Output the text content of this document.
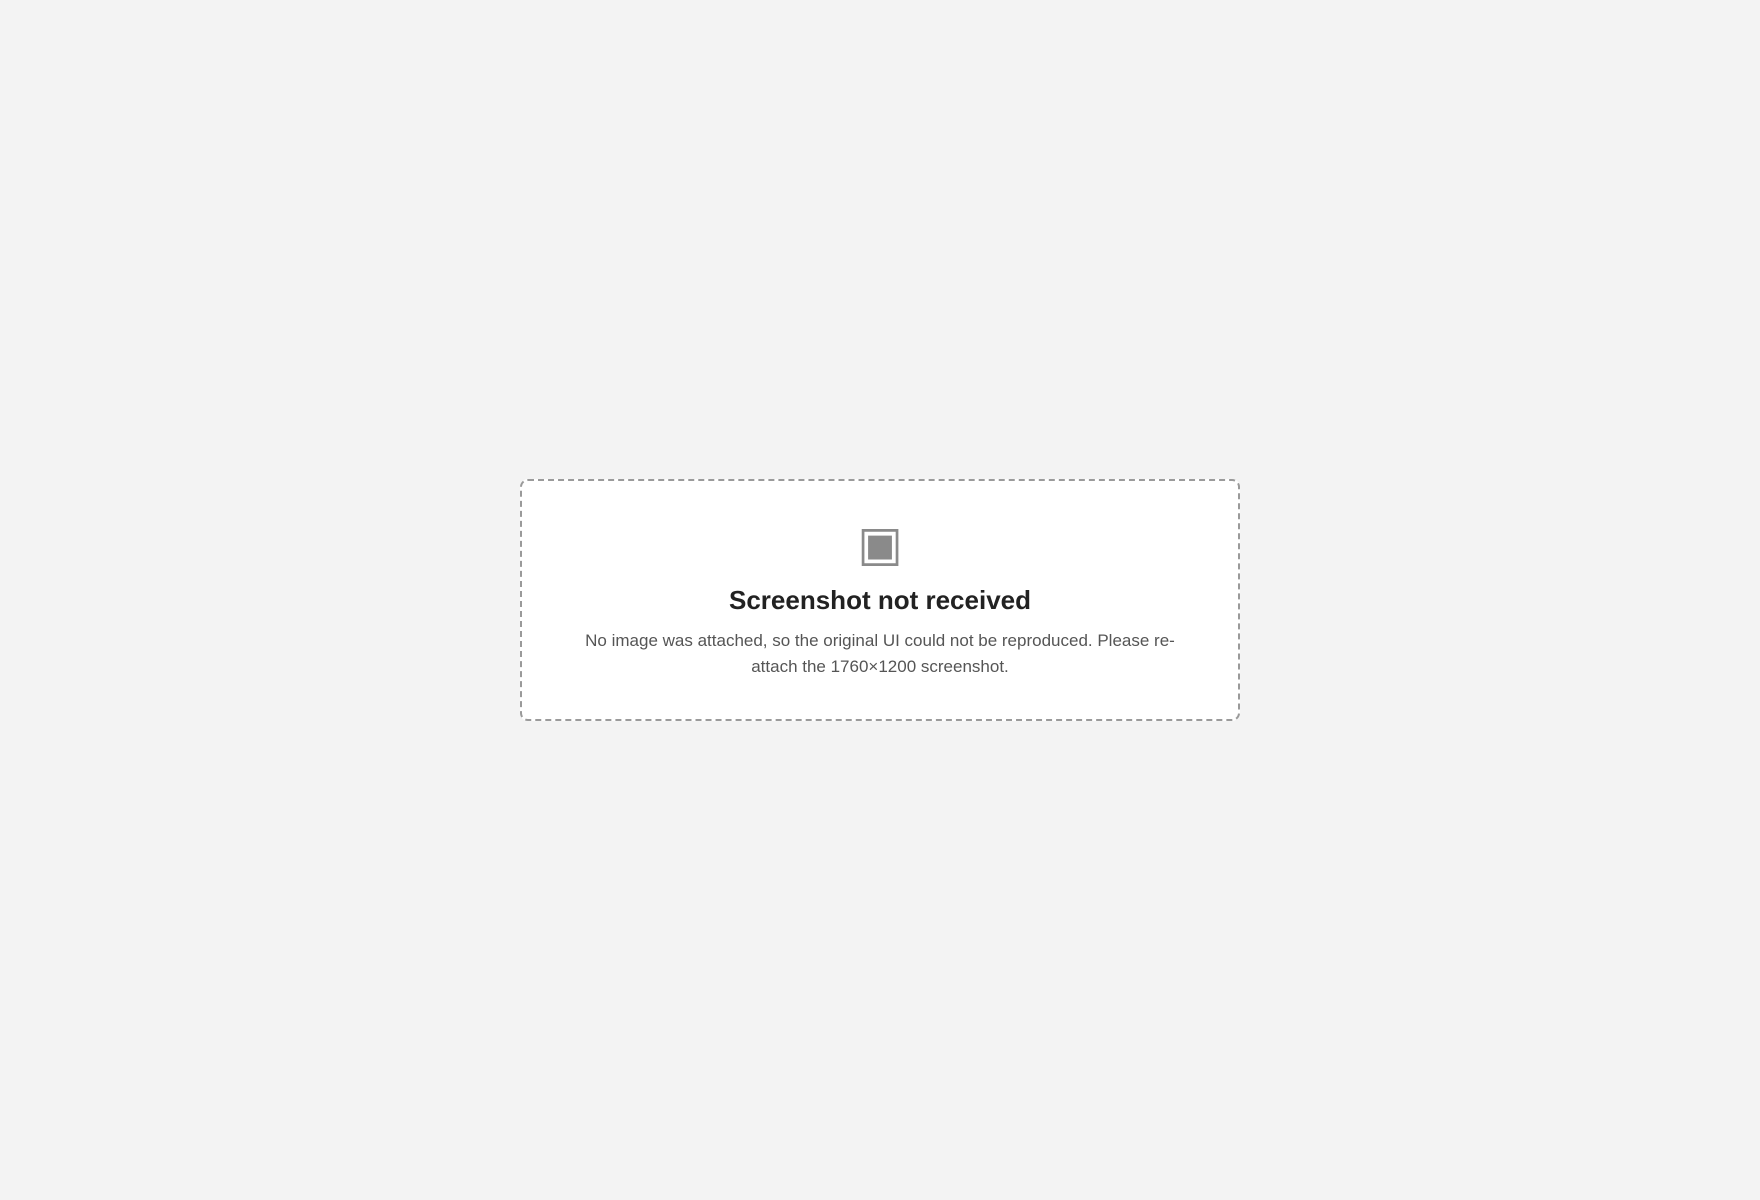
▣

Screenshot not received

No image was attached, so the original UI could not be reproduced. Please re-attach the 1760×1200 screenshot.
